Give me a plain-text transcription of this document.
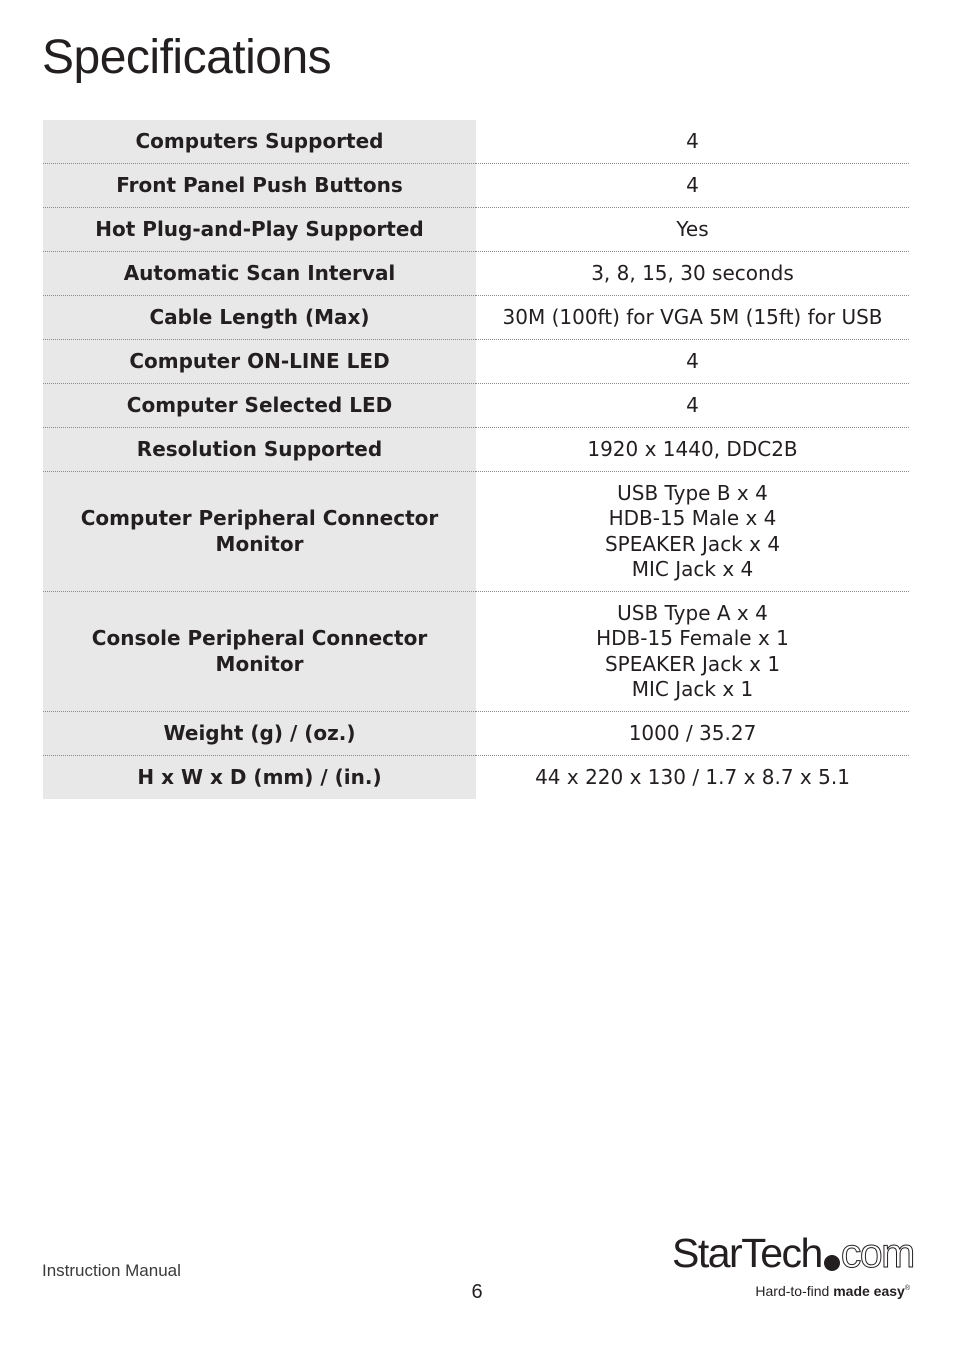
Specifications
Computers Supported	4

Front Panel Push Buttons	4

Hot Plug-and-Play Supported	Yes

Automatic Scan Interval	3, 8, 15, 30 seconds

Cable Length (Max)	30M (100ft) for VGA 5M (15ft) for USB

Computer ON-LINE LED	4

Computer Selected LED	4

Resolution Supported	1920 x 1440, DDC2B

Computer Peripheral Connector
Monitor	USB Type B x 4
HDB-15 Male x 4
SPEAKER Jack x 4
MIC Jack x 4

Console Peripheral Connector
Monitor	USB Type A x 4
HDB-15 Female x 1
SPEAKER Jack x 1
MIC Jack x 1

Weight (g) / (oz.)	1000 / 35.27

H x W x D (mm) / (in.)	44 x 220 x 130 / 1.7 x 8.7 x 5.1
Instruction Manual
6
StarTech com
Hard-to-find made easy®
